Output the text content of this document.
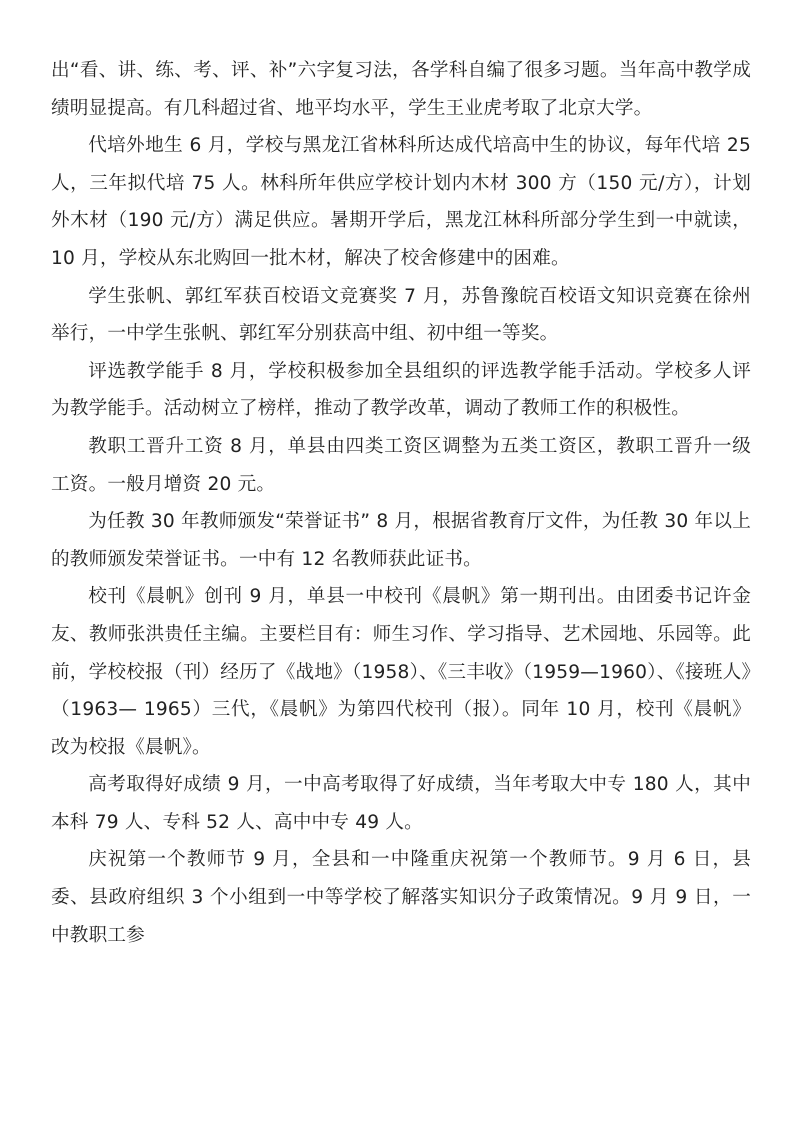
出“看、讲、练、考、评、补”六字复习法，各学科自编了很多习题。当年高中教学成绩明显提高。有几科超过省、地平均水平，学生王业虎考取了北京大学。

代培外地生 6 月，学校与黑龙江省林科所达成代培高中生的协议，每年代培 25 人，三年拟代培 75 人。林科所年供应学校计划内木材 300 方（150 元/方），计划外木材（190 元/方）满足供应。暑期开学后，黑龙江林科所部分学生到一中就读，10 月，学校从东北购回一批木材，解决了校舍修建中的困难。

学生张帆、郭红军获百校语文竞赛奖 7 月，苏鲁豫皖百校语文知识竞赛在徐州举行，一中学生张帆、郭红军分别获高中组、初中组一等奖。

评选教学能手 8 月，学校积极参加全县组织的评选教学能手活动。学校多人评为教学能手。活动树立了榜样，推动了教学改革，调动了教师工作的积极性。

教职工晋升工资 8 月，单县由四类工资区调整为五类工资区，教职工晋升一级工资。一般月增资 20 元。

为任教 30 年教师颁发“荣誉证书” 8 月，根据省教育厅文件，为任教 30 年以上的教师颁发荣誉证书。一中有 12 名教师获此证书。

校刊《晨帆》创刊 9 月，单县一中校刊《晨帆》第一期刊出。由团委书记许金友、教师张洪贵任主编。主要栏目有：师生习作、学习指导、艺术园地、乐园等。此前，学校校报（刊）经历了《战地》（1958）、《三丰收》（1959—1960）、《接班人》（1963— 1965）三代，《晨帆》为第四代校刊（报）。同年 10 月，校刊《晨帆》改为校报《晨帆》。

高考取得好成绩 9 月，一中高考取得了好成绩，当年考取大中专 180 人，其中本科 79 人、专科 52 人、高中中专 49 人。

庆祝第一个教师节 9 月，全县和一中隆重庆祝第一个教师节。9 月 6 日，县委、县政府组织 3 个小组到一中等学校了解落实知识分子政策情况。9 月 9 日，一中教职工参
